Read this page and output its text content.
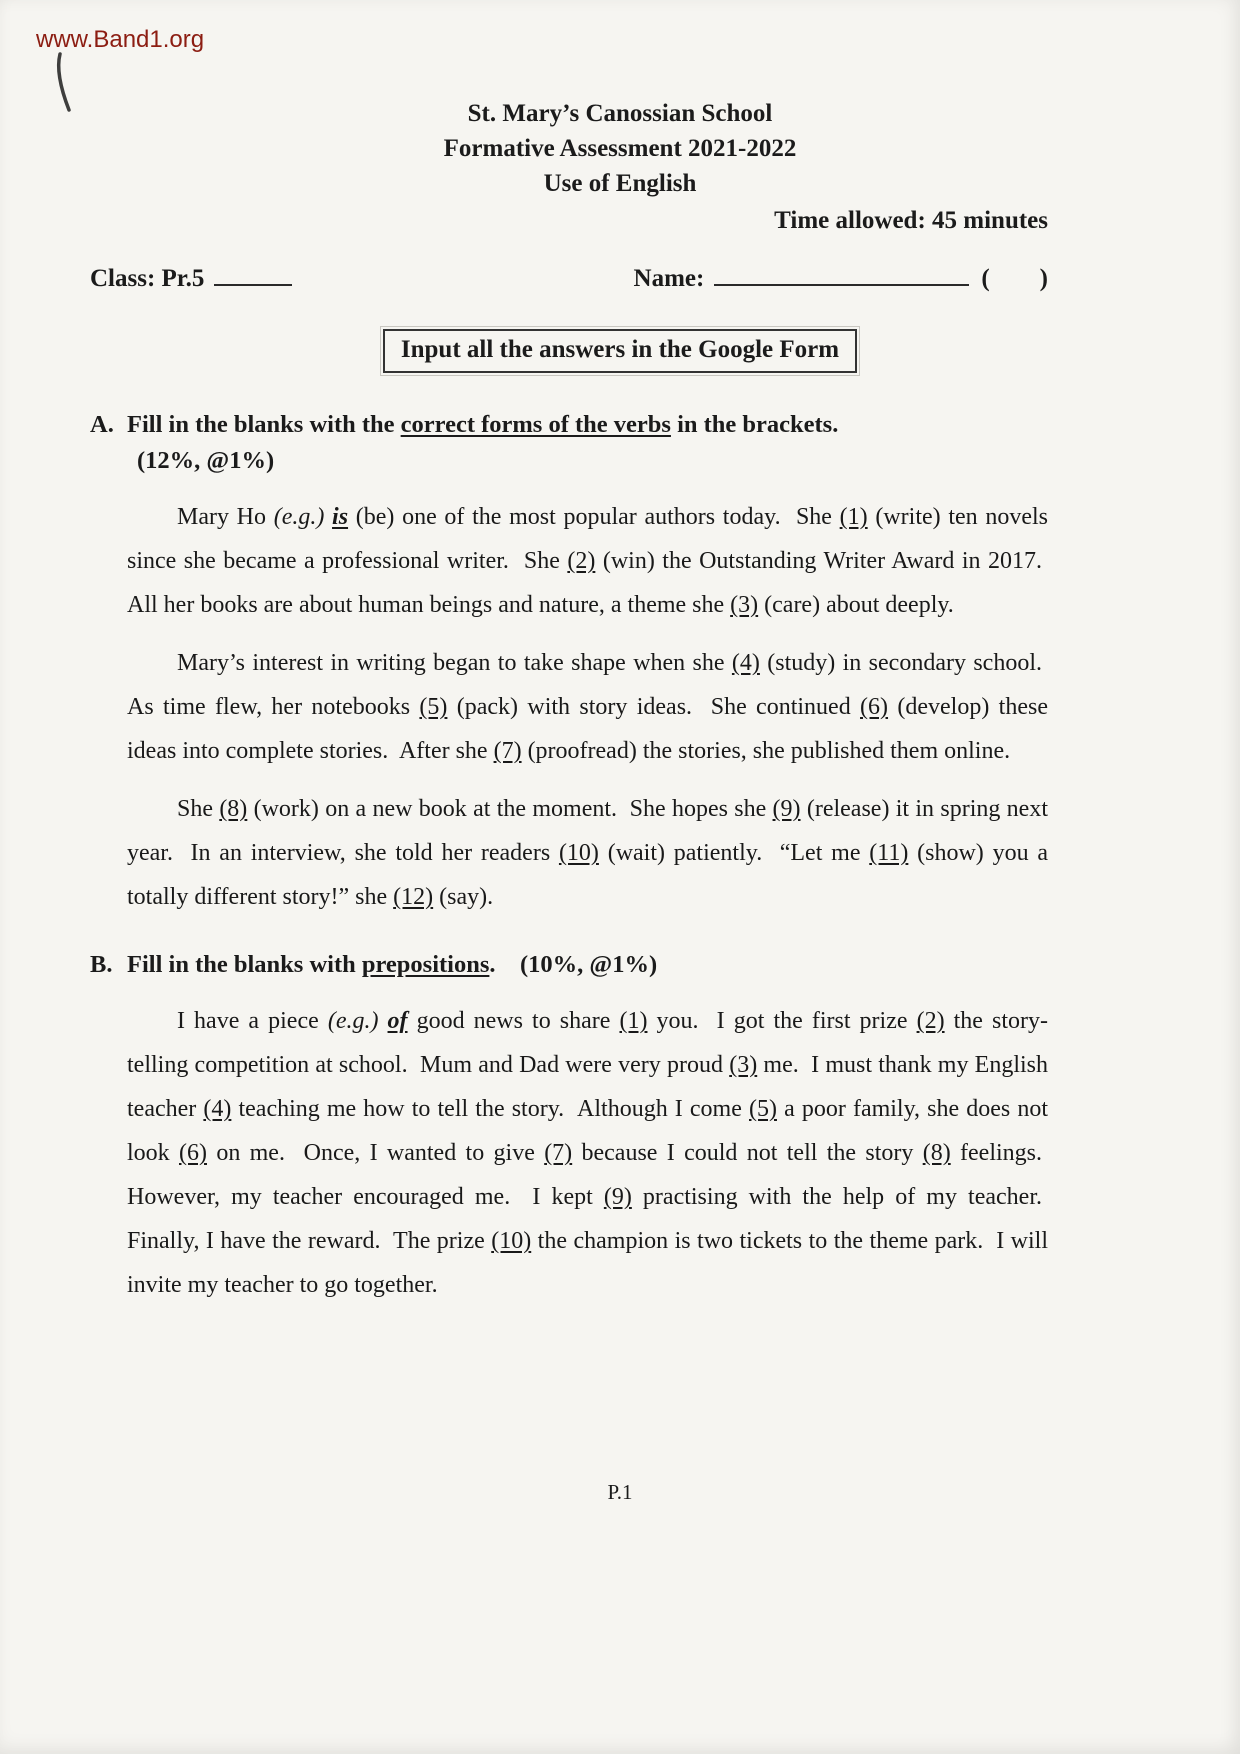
www.Band1.org
St. Mary’s Canossian School
Formative Assessment 2021-2022
Use of English
Time allowed: 45 minutes
Class: Pr.5	Name:	(        )
Input all the answers in the Google Form
A. Fill in the blanks with the correct forms of the verbs in the brackets.
(12%, @1%)

Mary Ho (e.g.) is (be) one of the most popular authors today.  She (1) (write) ten novels since she became a professional writer.  She (2) (win) the Outstanding Writer Award in 2017.  All her books are about human beings and nature, a theme she (3) (care) about deeply.

Mary’s interest in writing began to take shape when she (4) (study) in secondary school.  As time flew, her notebooks (5) (pack) with story ideas.  She continued (6) (develop) these ideas into complete stories.  After she (7) (proofread) the stories, she published them online.

She (8) (work) on a new book at the moment.  She hopes she (9) (release) it in spring next year.  In an interview, she told her readers (10) (wait) patiently.  “Let me (11) (show) you a totally different story!” she (12) (say).

B. Fill in the blanks with prepositions.    (10%, @1%)

I have a piece (e.g.) of good news to share (1) you.  I got the first prize (2) the story-telling competition at school.  Mum and Dad were very proud (3) me.  I must thank my English teacher (4) teaching me how to tell the story.  Although I come (5) a poor family, she does not look (6) on me.  Once, I wanted to give (7) because I could not tell the story (8) feelings.  However, my teacher encouraged me.  I kept (9) practising with the help of my teacher.  Finally, I have the reward.  The prize (10) the champion is two tickets to the theme park.  I will invite my teacher to go together.

P.1
